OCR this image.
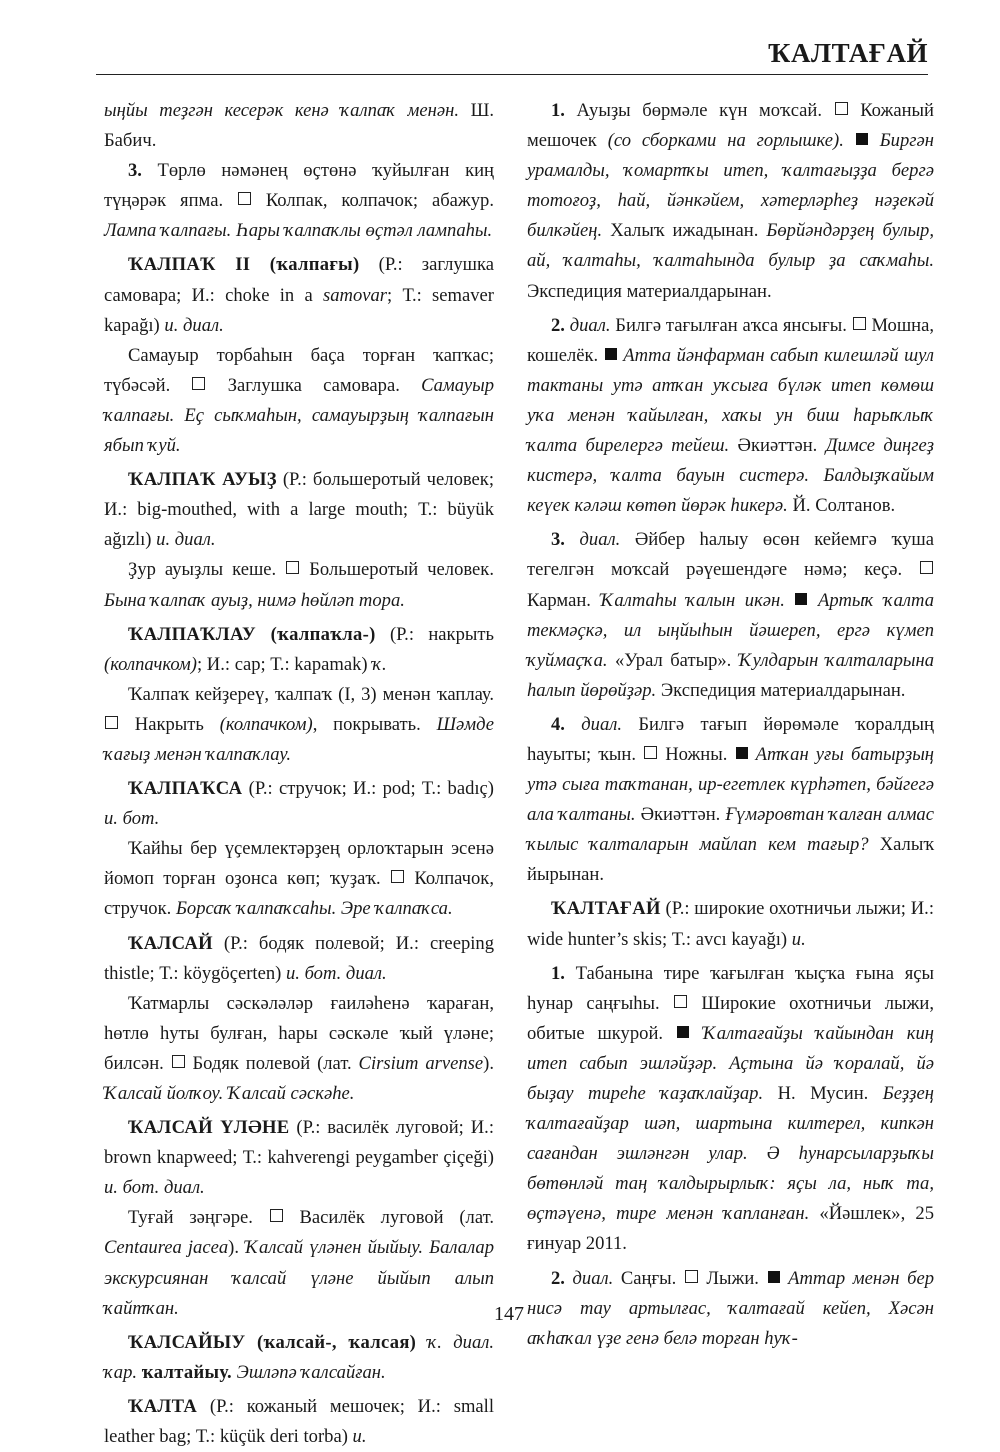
ҠАЛТАҒАЙ

ыңйы теҙгән кесерәк кенә ҡалпаҡ менән. Ш. Бабич.

3. Төрлө нәмәнең өҫтөнә ҡуйылған киң түңәрәк япма. Колпак, колпачок; абажур. Лампа ҡалпағы. Һары ҡалпаҡлы өҫтәл лампаһы.

ҠАЛПАҠ II (ҡалпағы) (Р.: заглушка самовара; И.: choke in a samovar; Т.: semaver kapağı) и. диал.

Самауыр торбаһын баҫа торған ҡапҡас; түбәсәй.	Заглушка самовара. Самауыр ҡалпағы. Еҫ сыҡмаһын, самауырҙың ҡалпағын ябып ҡуй.

ҠАЛПАҠ АУЫҘ (Р.: большеротый человек; И.: big-mouthed, with a large mouth; Т.: büyük ağızlı) и. диал.

Ҙур ауыҙлы кеше. Большеротый человек. Бына ҡалпаҡ ауыҙ, нимә һөйләп тора.

ҠАЛПАҠЛАУ (ҡалпаҡла-) (Р.: накрыть (колпачком); И.: cap; Т.: kapamak) ҡ.

Ҡалпаҡ кейҙереү, ҡалпаҡ (I, 3) менән ҡаплау.  Накрыть (колпачком), покрывать. Шәмде ҡағыҙ менән ҡалпаҡлау.

ҠАЛПАҠСА (Р.: стручок; И.: pod; Т.: badıç) и. бот.

Ҡайһы бер үҫемлектәрҙең орлоҡтарын эсенә йомоп торған оҙонса көп; ҡуҙаҡ. Колпачок, стручок. Борсаҡ ҡалпаҡсаһы. Эре ҡалпаҡса.

ҠАЛСАЙ (Р.: бодяк полевой; И.: creeping thistle; Т.: köygöçerten) и. бот. диал.

Ҡатмарлы сәскәләләр ғаиләһенә ҡараған, һөтлө һуты булған, һары сәскәле ҡый үләне; билсән. Бодяк полевой (лат. Cirsium arvense). Ҡалсай йолҡоу. Ҡалсай сәскәһе.

ҠАЛСАЙ ҮЛӘНЕ (Р.: василёк луговой; И.: brown knapweed; Т.: kahverengi peygamber çiçeği) и. бот. диал.

Туғай зәңгәре.	Василёк луговой (лат. Centaurea jacea). Ҡалсай үләнен йыйыу. Балалар экскурсиянан ҡалсай үләне йыйып алып ҡайтҡан.

ҠАЛСАЙЫУ (ҡалсай-, ҡалсая) ҡ. диал. ҡар. ҡалтайыу. Эшләпә ҡалсайған.

ҠАЛТА (Р.: кожаный мешочек; И.: small leather bag; Т.: küçük deri torba) и.

1. Ауыҙы бөрмәле күн моҡсай. Кожаный мешочек (со сборками на горлышке). Биргән урамалды, ҡомартҡы итеп, ҡалтағыҙҙа бергә тотоғоҙ, һай, йәнкәйем, хәтерләрһеҙ нәҙекәй билкәйең. Халыҡ ижадынан. Бөрйәндәрҙең булыр, ай, ҡалтаһы, ҡалтаһында булыр ҙа саҡмаһы. Экспедиция материалдарынан.

2. диал. Билгә тағылған аҡса янсығы. Мошна, кошелёк. Атта йәнфарман сабып килешләй шул тактаны утә атҡан уҡсыға бүләк итеп көмөш уҡа менән ҡайылған, хаҡы ун биш һарыҡлыҡ ҡалта бирелергә тейеш. Әкиәттән. Димсе диңгеҙ кистерә, ҡалта бауын систерә. Балдыҙҡайым кеүек кәләш көтөп йөрәк һикерә. Й. Солтанов.

3. диал. Әйбер һалыу өсөн кейемгә ҡуша тегелгән моҡсай рәүешендәге нәмә; кеҫә.  Карман. Ҡалтаһы ҡалын икән. Артыҡ ҡалта текмәҫкә, ил ыңйыһын йәшереп, ергә күмеп ҡуймаҫҡа. «Урал батыр». Ҡулдарын ҡалталарына һалып йөрөйҙәр. Экспедиция материалдарынан.

4. диал. Билгә тағып йөрөмәле ҡоралдың һауыты; ҡын. Ножны. Атҡан уғы батырҙың утә сыға таҡтанан, ир-егетлек күрһәтеп, бәйгегә ала ҡалтаны. Әкиәттән. Ғүмәровтан ҡалған алмас ҡылыс ҡалталарын майлап кем тағыр? Халыҡ йырынан.

ҠАЛТАҒАЙ (Р.: широкие охотничьи лыжи; И.: wide hunter’s skis; Т.: avcı kayağı) и.

1. Табанына тире ҡағылған ҡыҫҡа ғына яҫы һунар саңғыһы. Широкие охотничьи лыжи, обитые шкурой. Ҡалтағайҙы ҡайындан киң итеп сабып эшләйҙәр. Аҫтына йә ҡоралай, йә быҙау тиреһе ҡаҙаҡлайҙар. Н. Мусин. Беҙҙең ҡалтағайҙар шәп, шартына килтерел, кипкән сағандан эшләнгән улар. Ә һунарсыларҙыҡы бөтөнләй таң ҡалдырырлыҡ: яҫы ла, ныҡ та, өҫтәүенә, тире менән ҡапланған. «Йәшлек», 25 ғинуар 2011.

2. диал. Саңғы. Лыжи. Аттар менән бер нисә тау артылғас, ҡалтағай кейеп, Хәсән аҡһаҡал үҙе генә белә торған һуҡ-

147
